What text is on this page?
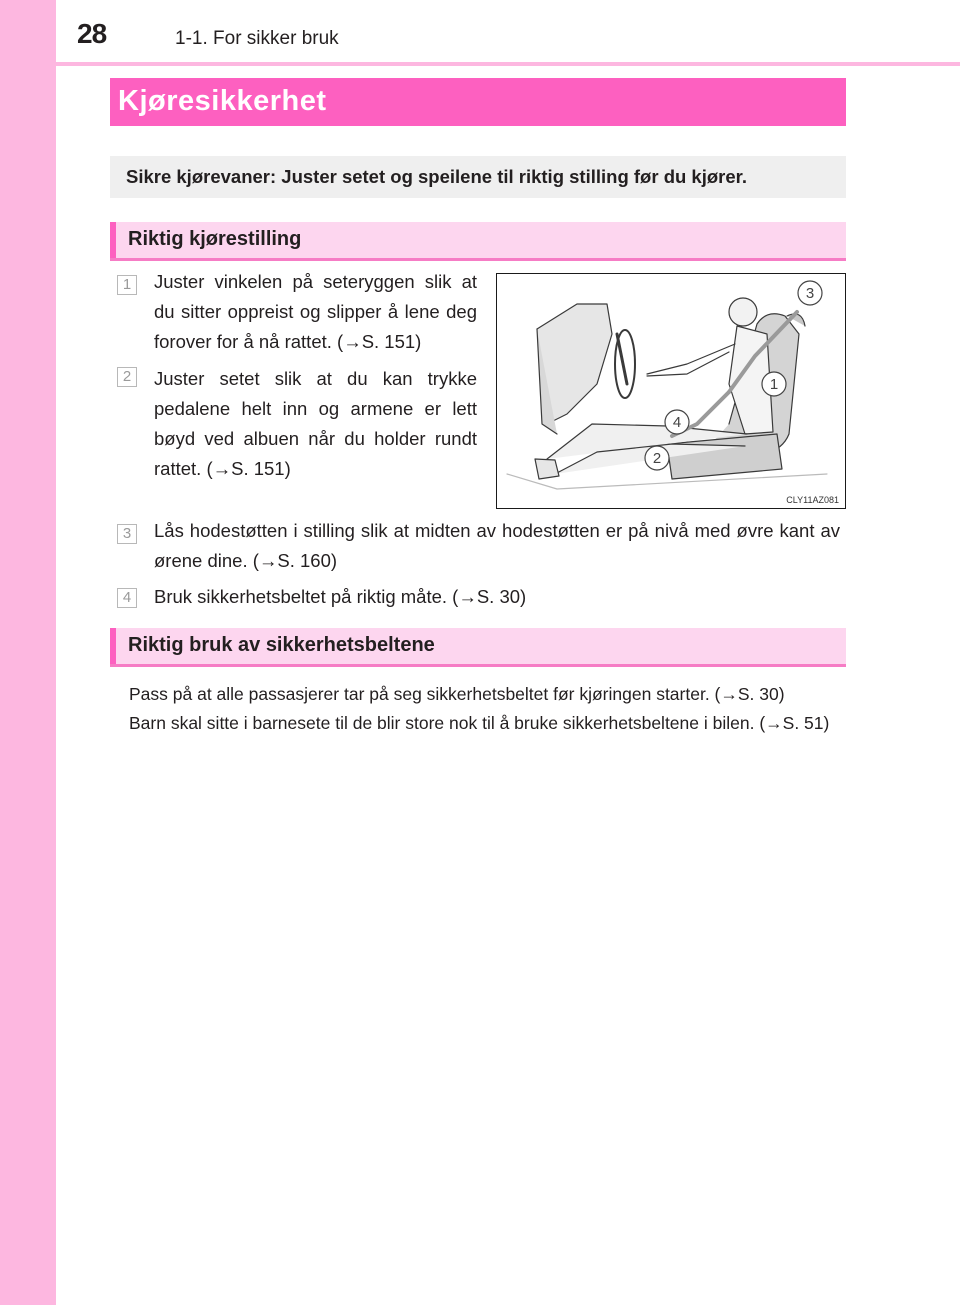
28	1-1. For sikker bruk
Kjøresikkerhet
Sikre kjørevaner: Juster setet og speilene til riktig stilling før du kjører.
Riktig kjørestilling
1	Juster vinkelen på seteryggen slik at du sitter oppreist og slipper å lene deg forover for å nå rattet. (→S. 151)
2	Juster setet slik at du kan trykke pedalene helt inn og armene er lett bøyd ved albuen når du holder rundt rattet. (→S. 151)
3
1
4
2
CLY11AZ081
3	Lås hodestøtten i stilling slik at midten av hodestøtten er på nivå med øvre kant av ørene dine. (→S. 160)
4	Bruk sikkerhetsbeltet på riktig måte. (→S. 30)
Riktig bruk av sikkerhetsbeltene
Pass på at alle passasjerer tar på seg sikkerhetsbeltet før kjøringen starter. (→S. 30)
Barn skal sitte i barnesete til de blir store nok til å bruke sikkerhetsbeltene i bilen. (→S. 51)
